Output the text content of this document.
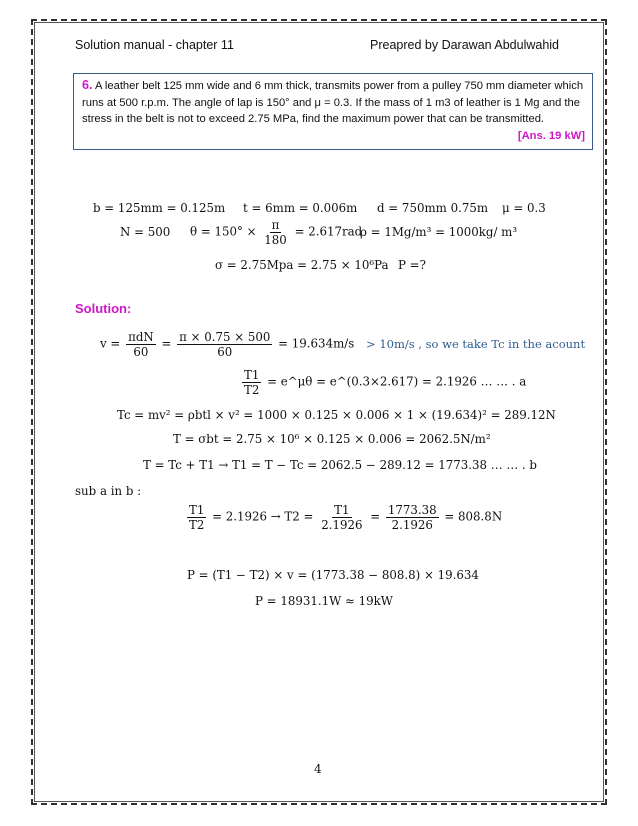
Solution manual - chapter 11	Preapred by Darawan Abdulwahid
6. A leather belt 125 mm wide and 6 mm thick, transmits power from a pulley 750 mm diameter which runs at 500 r.p.m. The angle of lap is 150° and μ = 0.3. If the mass of 1 m3 of leather is 1 Mg and the stress in the belt is not to exceed 2.75 MPa, find the maximum power that can be transmitted.
[Ans. 19 kW]
b = 125mm = 0.125m t = 6mm = 0.006m d = 750mm 0.75m μ = 0.3
N = 500 $\theta = 150^\circ \times \frac{\pi}{180} = 2.617rad$
ρ = 1Mg/m³ = 1000kg/ m³
σ = 2.75Mpa = 2.75 × 10⁶Pa P =?
Solution:
$v = \frac{\text{πdN}}{60} = \frac{\pi \times 0.75 \times 500}{60} = 19.634m/s > 10m/s$ , so we take Tc in the acount
$\frac{T1}{T2}$ = e^μθ = e^(0.3×2.617) = 2.1926 … … . a
Tc = mv² = ρbtl × v² = 1000 × 0.125 × 0.006 × 1 × (19.634)² = 289.12N
T = σbt = 2.75 × 10⁶ × 0.125 × 0.006 = 2062.5N/m²
T = Tc + T1 → T1 = T − Tc = 2062.5 − 289.12 = 1773.38 … … . b
sub a in b :
$\frac{T1}{T2} = 2.1926 \to T2 = \frac{T1}{2.1926} = \frac{1773.38}{2.1926} = 808.8N$
P = (T1 − T2) × v = (1773.38 − 808.8) × 19.634
P = 18931.1W ≈ 19kW
4
